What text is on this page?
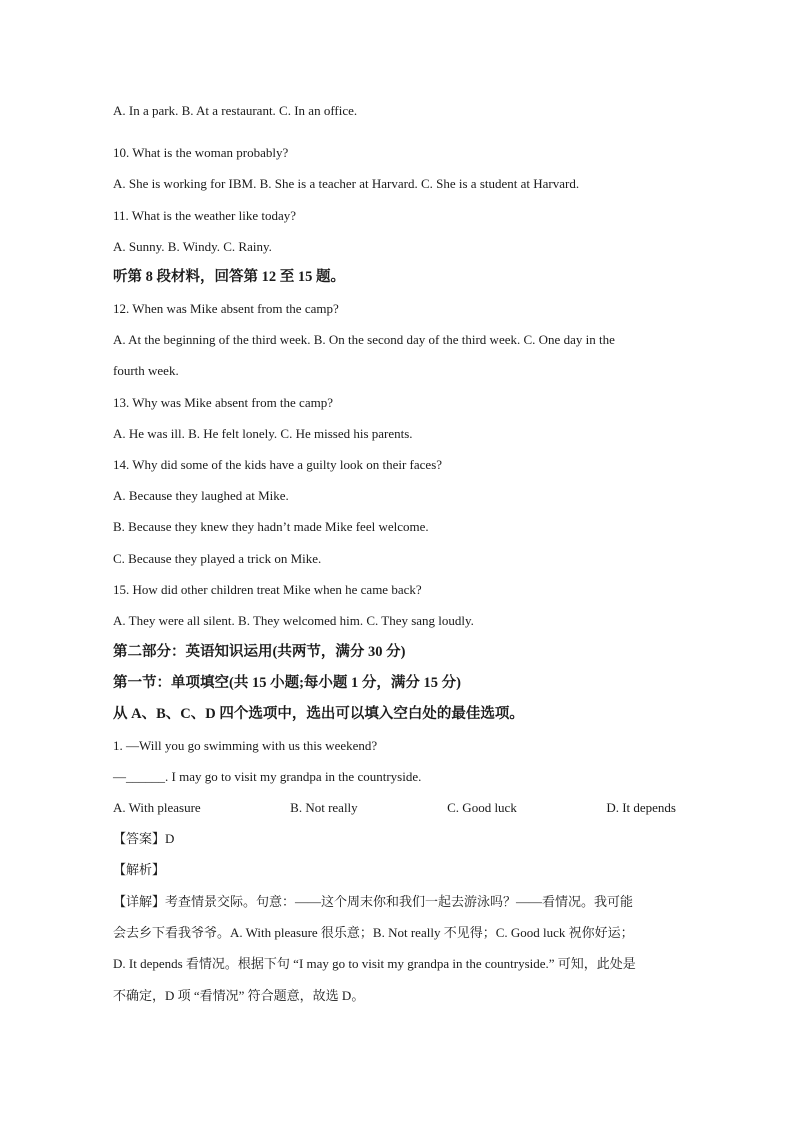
A. In a park. B. At a restaurant. C. In an office.
10. What is the woman probably?
A. She is working for IBM. B. She is a teacher at Harvard. C. She is a student at Harvard.
11. What is the weather like today?
A. Sunny. B. Windy. C. Rainy.
听第 8 段材料，回答第 12 至 15 题。
12. When was Mike absent from the camp?
A. At the beginning of the third week. B. On the second day of the third week. C. One day in the
fourth week.
13. Why was Mike absent from the camp?
A. He was ill. B. He felt lonely. C. He missed his parents.
14. Why did some of the kids have a guilty look on their faces?
A. Because they laughed at Mike.
B. Because they knew they hadn’t made Mike feel welcome.
C. Because they played a trick on Mike.
15. How did other children treat Mike when he came back?
A. They were all silent. B. They welcomed him. C. They sang loudly.
第二部分：英语知识运用(共两节，满分 30 分)
第一节：单项填空(共 15 小题;每小题 1 分，满分 15 分)
从 A、B、C、D 四个选项中，选出可以填入空白处的最佳选项。
1. —Will you go swimming with us this weekend?
—______. I may go to visit my grandpa in the countryside.
A. With pleasure	B. Not really	C. Good luck	D. It depends
【答案】D
【解析】
【详解】考查情景交际。句意：——这个周末你和我们一起去游泳吗？——看情况。我可能
会去乡下看我爷爷。A. With pleasure 很乐意；B. Not really 不见得；C. Good luck 祝你好运；
D. It depends 看情况。根据下句 “I may go to visit my grandpa in the countryside.” 可知，此处是
不确定，D 项 “看情况” 符合题意，故选 D。
